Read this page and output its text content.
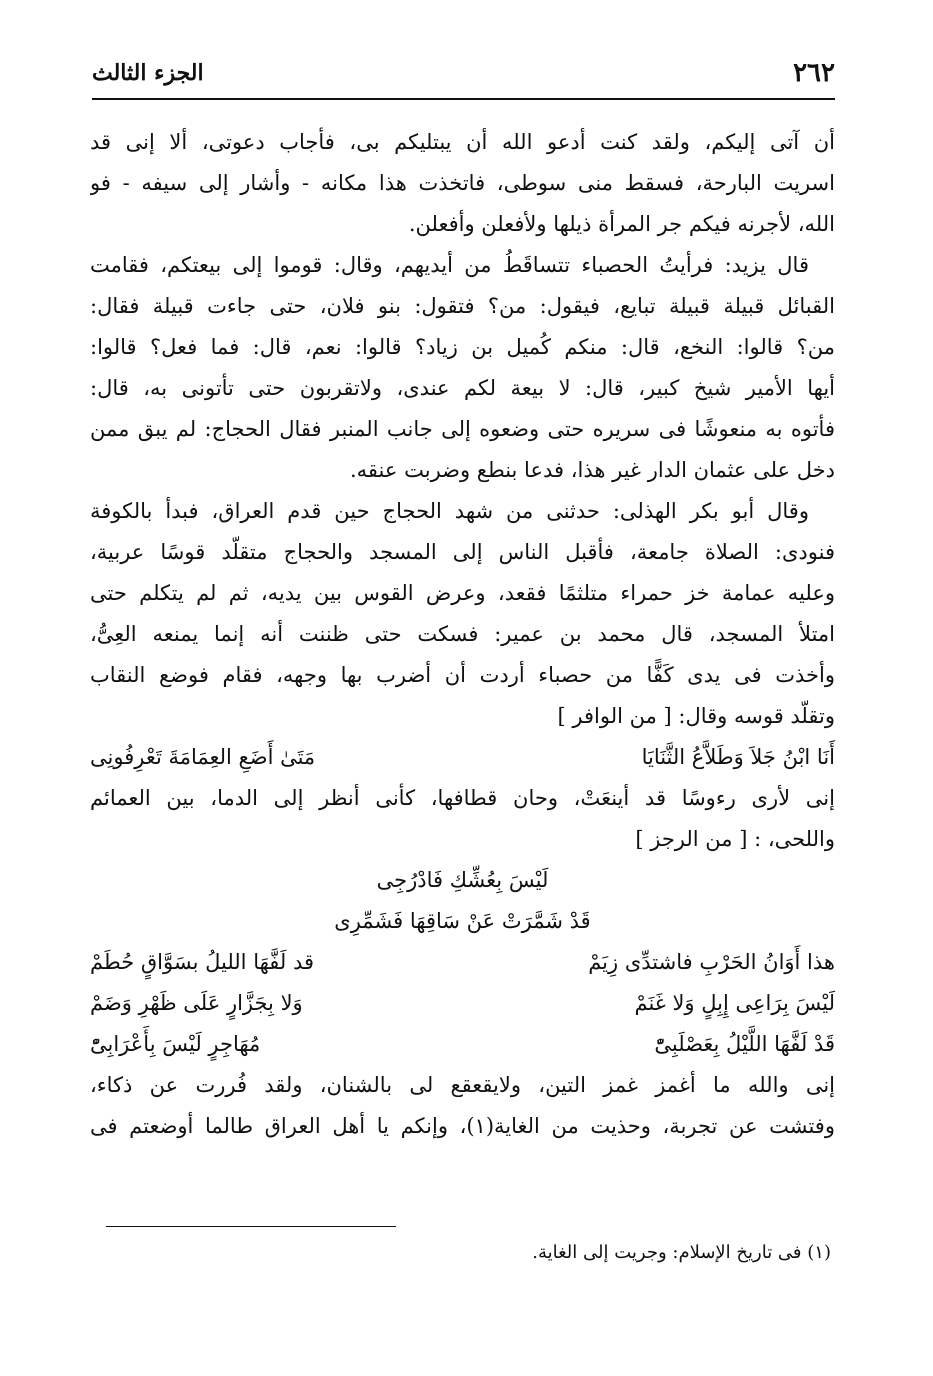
٢٦٢
الجزء الثالث
أن آتى إليكم، ولقد كنت أدعو الله أن يبتليكم بى، فأجاب دعوتى، ألا إنى قد
اسريت البارحة، فسقط منى سوطى، فاتخذت هذا مكانه - وأشار إلى سيفه - فو
الله، لأجرنه فيكم جر المرأة ذيلها ولأفعلن وأفعلن.
قال يزيد: فرأيتُ الحصباء تتساقَطُ من أيديهم، وقال: قوموا إلى بيعتكم، فقامت
القبائل قبيلة قبيلة تبايع، فيقول: من؟ فتقول: بنو فلان، حتى جاءت قبيلة فقال:
من؟ قالوا: النخع، قال: منكم كُميل بن زياد؟ قالوا: نعم، قال: فما فعل؟ قالوا:
أيها الأمير شيخ كبير، قال: لا بيعة لكم عندى، ولاتقربون حتى تأتونى به، قال:
فأتوه به منعوشًا فى سريره حتى وضعوه إلى جانب المنبر فقال الحجاج: لم يبق ممن
دخل على عثمان الدار غير هذا، فدعا بنطع وضربت عنقه.
وقال أبو بكر الهذلى: حدثنى من شهد الحجاج حين قدم العراق، فبدأ بالكوفة
فنودى: الصلاة جامعة، فأقبل الناس إلى المسجد والحجاج متقلّد قوسًا عربية،
وعليه عمامة خز حمراء متلثمًا فقعد، وعرض القوس بين يديه، ثم لم يتكلم حتى
امتلأ المسجد، قال محمد بن عمير: فسكت حتى ظننت أنه إنما يمنعه العِىُّ،
وأخذت فى يدى كَفًّا من حصباء أردت أن أضرب بها وجهه، فقام فوضع النقاب
وتقلّد قوسه وقال: [ من الوافر ]
أَنَا ابْنُ جَلاَ وَطَلاَّعُ الثَّنَايَا
مَتَىٰ أَضَعِ العِمَامَةَ تَعْرِفُونِى
إنى لأرى رءوسًا قد أينعَتْ، وحان قطافها، كأنى أنظر إلى الدما، بين العمائم
واللحى، : [ من الرجز ]
لَيْسَ بِعُشِّكِ فَادْرُجِى
قَدْ شَمَّرَتْ عَنْ سَاقِهَا فَشَمِّرِى
هذا أَوَانُ الحَرْبِ فاشتدِّى زِيَمْ
قد لَفَّهَا الليلُ بسَوَّاقٍ حُطَمْ
لَيْسَ بِرَاعِى إِبِلٍ وَلا غَنَمْ
وَلا بِجَزَّارٍ عَلَى ظَهْرِ وَضَمْ
قَدْ لَفَّهَا اللَّيْلُ بِعَصْلَبِىّْ
مُهَاجِرٍ لَيْسَ بِأَعْرَابِىّْ
إنى والله ما أغمز غمز التين، ولايقعقع لى بالشنان، ولقد فُررت عن ذكاء،
وفتشت عن تجربة، وحذيت من الغاية(١)، وإنكم يا أهل العراق طالما أوضعتم فى
(١) فى تاريخ الإسلام: وجريت إلى الغاية.
